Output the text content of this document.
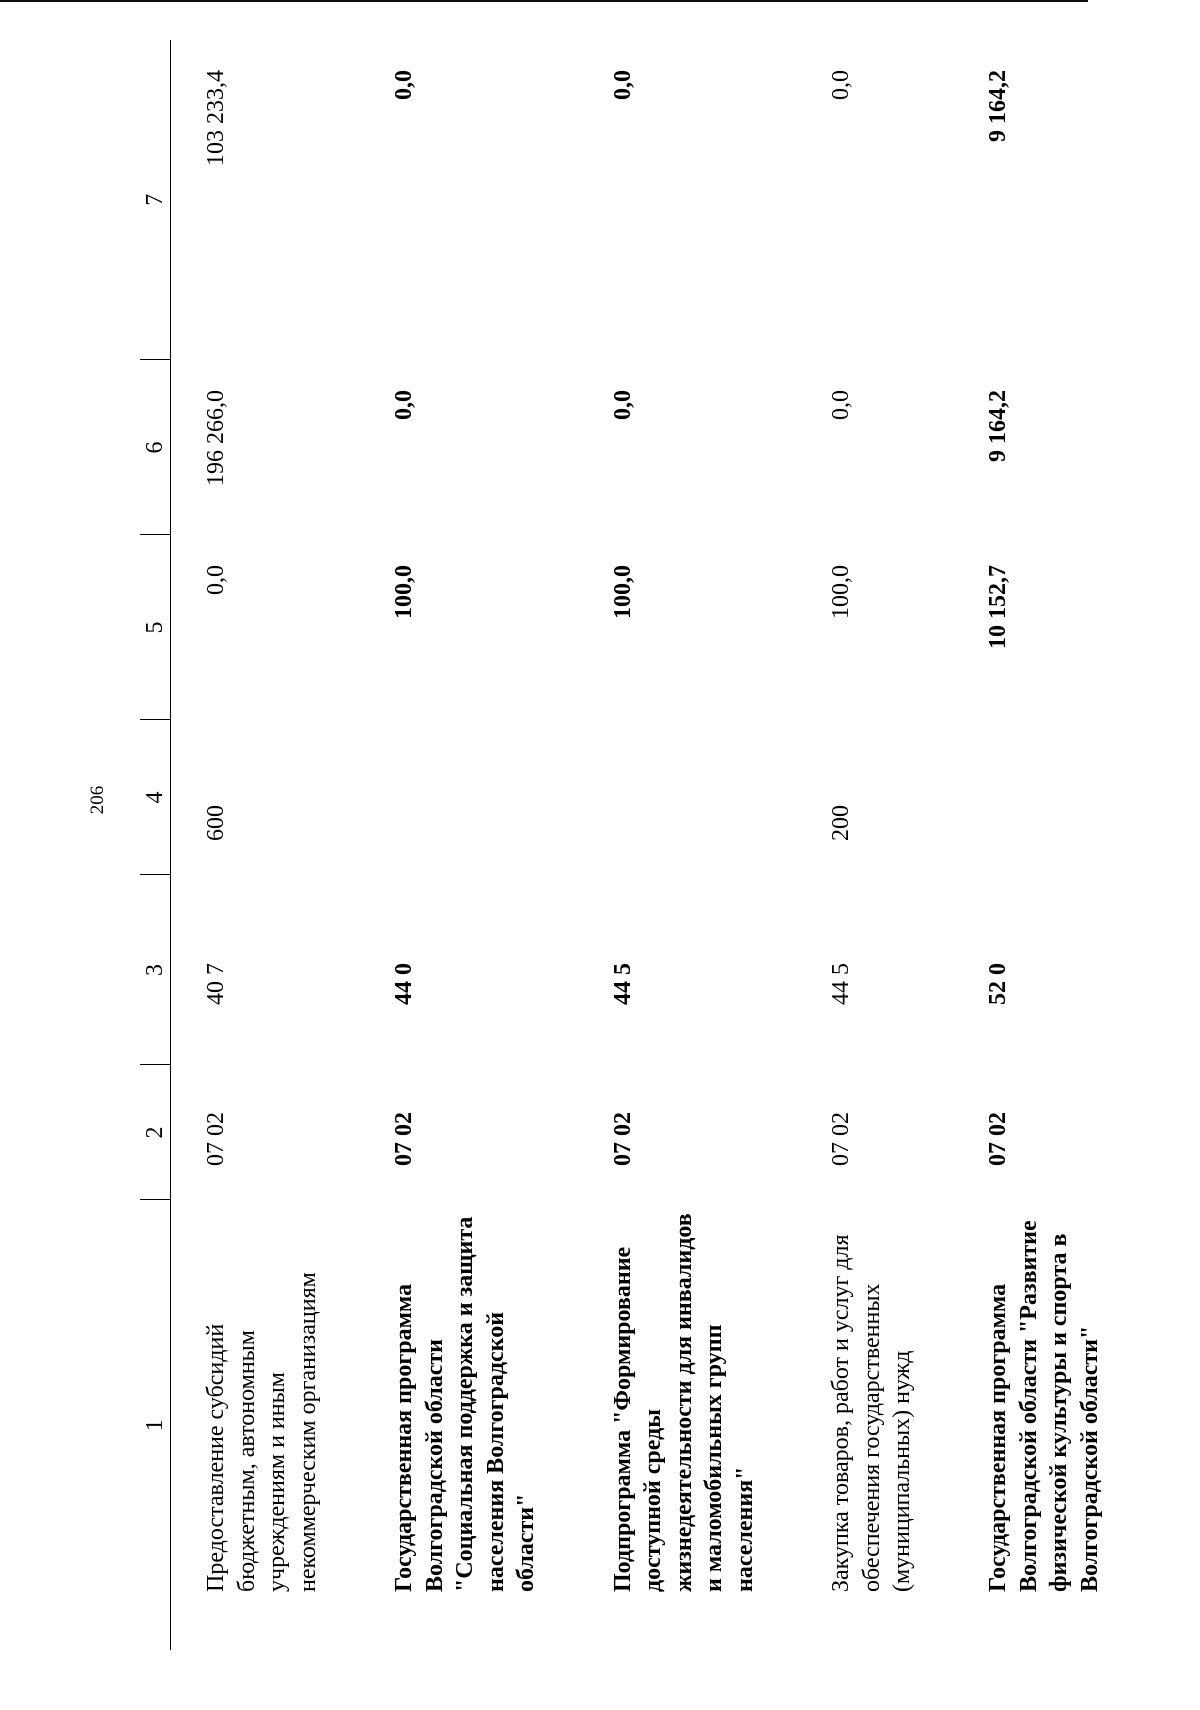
206
1	2	3	4	5	6	7
Предоставление субсидий бюджетным, автономным учреждениям и иным некоммерческим организациям	07 02	40 7	600	0,0	196 266,0	103 233,4
Государственная программа Волгоградской области "Социальная поддержка и защита населения Волгоградской области"	07 02	44 0		100,0	0,0	0,0
Подпрограмма "Формирование доступной среды жизнедеятельности для инвалидов и маломобильных групп населения"	07 02	44 5		100,0	0,0	0,0
Закупка товаров, работ и услуг для обеспечения государственных (муниципальных) нужд	07 02	44 5	200	100,0	0,0	0,0
Государственная программа Волгоградской области "Развитие физической культуры и спорта в Волгоградской области"	07 02	52 0		10 152,7	9 164,2	9 164,2
